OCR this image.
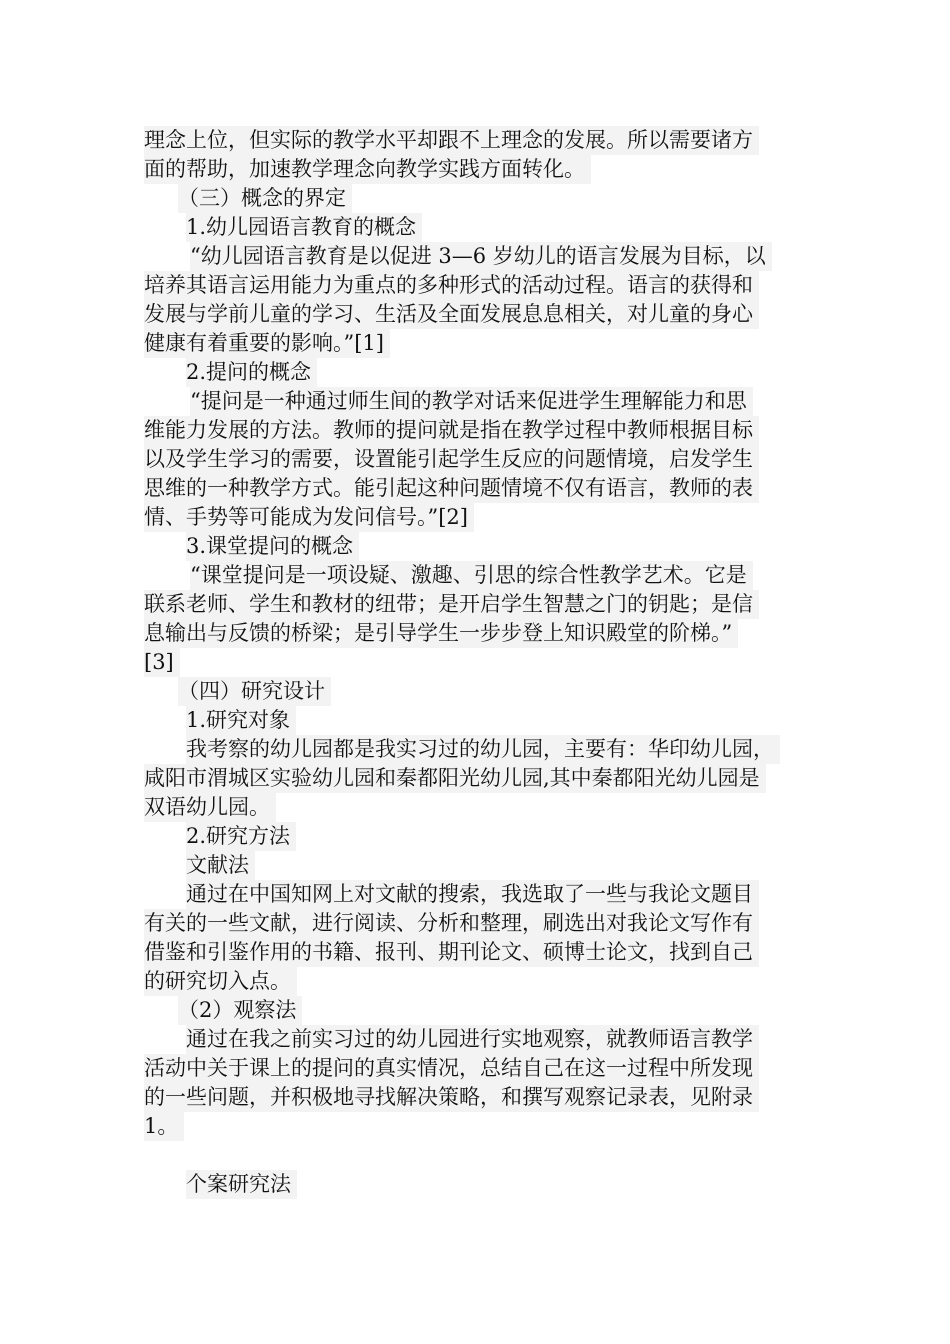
理念上位，但实际的教学水平却跟不上理念的发展。所以需要诸方
面的帮助，加速教学理念向教学实践方面转化。
（三）概念的界定
1.幼儿园语言教育的概念
“幼儿园语言教育是以促进 3—6 岁幼儿的语言发展为目标，以
培养其语言运用能力为重点的多种形式的活动过程。语言的获得和
发展与学前儿童的学习、生活及全面发展息息相关，对儿童的身心
健康有着重要的影响。”[1]
2.提问的概念
“提问是一种通过师生间的教学对话来促进学生理解能力和思
维能力发展的方法。教师的提问就是指在教学过程中教师根据目标
以及学生学习的需要，设置能引起学生反应的问题情境，启发学生
思维的一种教学方式。能引起这种问题情境不仅有语言，教师的表
情、手势等可能成为发问信号。”[2]
3.课堂提问的概念
“课堂提问是一项设疑、激趣、引思的综合性教学艺术。它是
联系老师、学生和教材的纽带；是开启学生智慧之门的钥匙；是信
息输出与反馈的桥梁；是引导学生一步步登上知识殿堂的阶梯。”
[3]
（四）研究设计
1.研究对象
我考察的幼儿园都是我实习过的幼儿园，主要有：华印幼儿园，
咸阳市渭城区实验幼儿园和秦都阳光幼儿园,其中秦都阳光幼儿园是
双语幼儿园。
2.研究方法
文献法
通过在中国知网上对文献的搜索，我选取了一些与我论文题目
有关的一些文献，进行阅读、分析和整理，刷选出对我论文写作有
借鉴和引鉴作用的书籍、报刊、期刊论文、硕博士论文，找到自己
的研究切入点。
（2）观察法
通过在我之前实习过的幼儿园进行实地观察，就教师语言教学
活动中关于课上的提问的真实情况，总结自己在这一过程中所发现
的一些问题，并积极地寻找解决策略，和撰写观察记录表，见附录
1。
个案研究法
